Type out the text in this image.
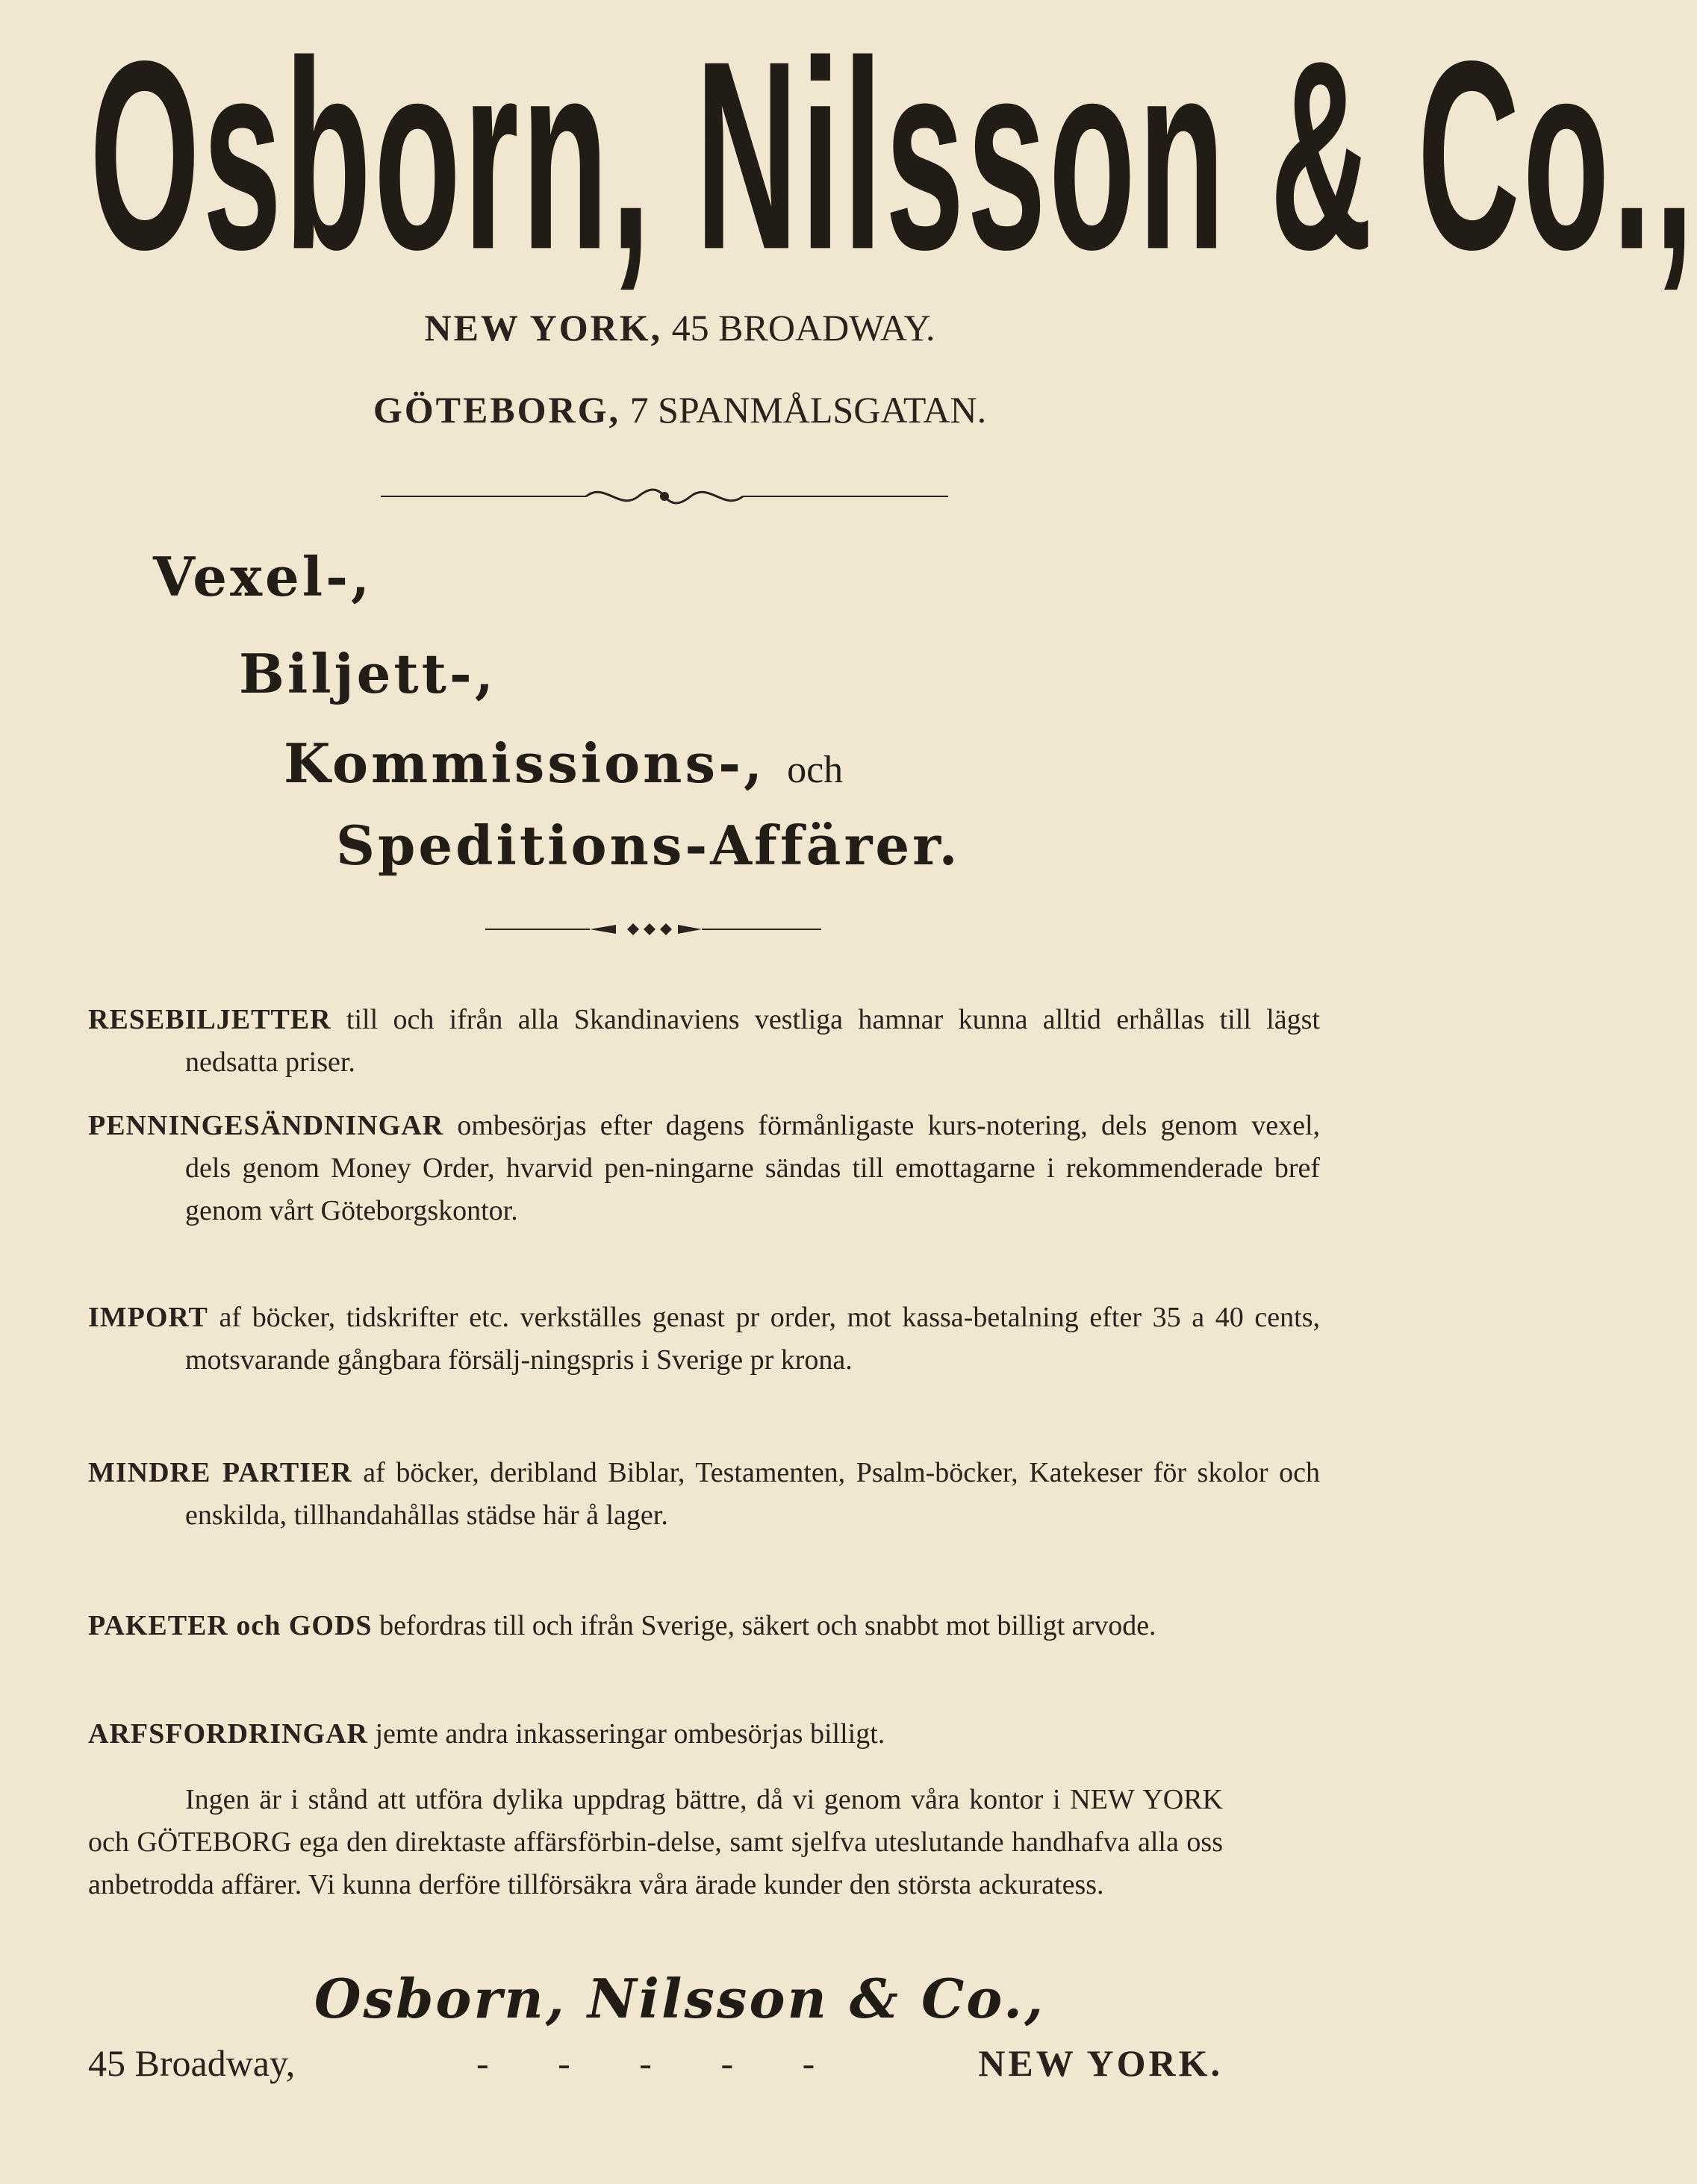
Osborn, Nilsson & Co.,
NEW YORK, 45 BROADWAY.
GÖTEBORG, 7 SPANMÅLSGATAN.
Vexel-,
Biljett-,
Kommissions-, och
Speditions-Affärer.
RESEBILJETTER till och ifrån alla Skandinaviens vestliga hamnar kunna alltid erhållas till lägst nedsatta priser.
PENNINGESÄNDNINGAR ombesörjas efter dagens förmånligaste kurs-notering, dels genom vexel, dels genom Money Order, hvarvid pen-ningarne sändas till emottagarne i rekommenderade bref genom vårt Göteborgskontor.
IMPORT af böcker, tidskrifter etc. verkställes genast pr order, mot kassa-betalning efter 35 a 40 cents, motsvarande gångbara försälj-ningspris i Sverige pr krona.
MINDRE PARTIER af böcker, deribland Biblar, Testamenten, Psalm-böcker, Katekeser för skolor och enskilda, tillhandahållas städse här å lager.
PAKETER och GODS befordras till och ifrån Sverige, säkert och snabbt mot billigt arvode.
ARFSFORDRINGAR jemte andra inkasseringar ombesörjas billigt.
Ingen är i stånd att utföra dylika uppdrag bättre, då vi genom våra kontor i NEW YORK och GÖTEBORG ega den direktaste affärsförbin-delse, samt sjelfva uteslutande handhafva alla oss anbetrodda affärer. Vi kunna derföre tillförsäkra våra ärade kunder den största ackuratess.
Osborn, Nilsson & Co.,
45 Broadway,	- - - - -	NEW YORK.
